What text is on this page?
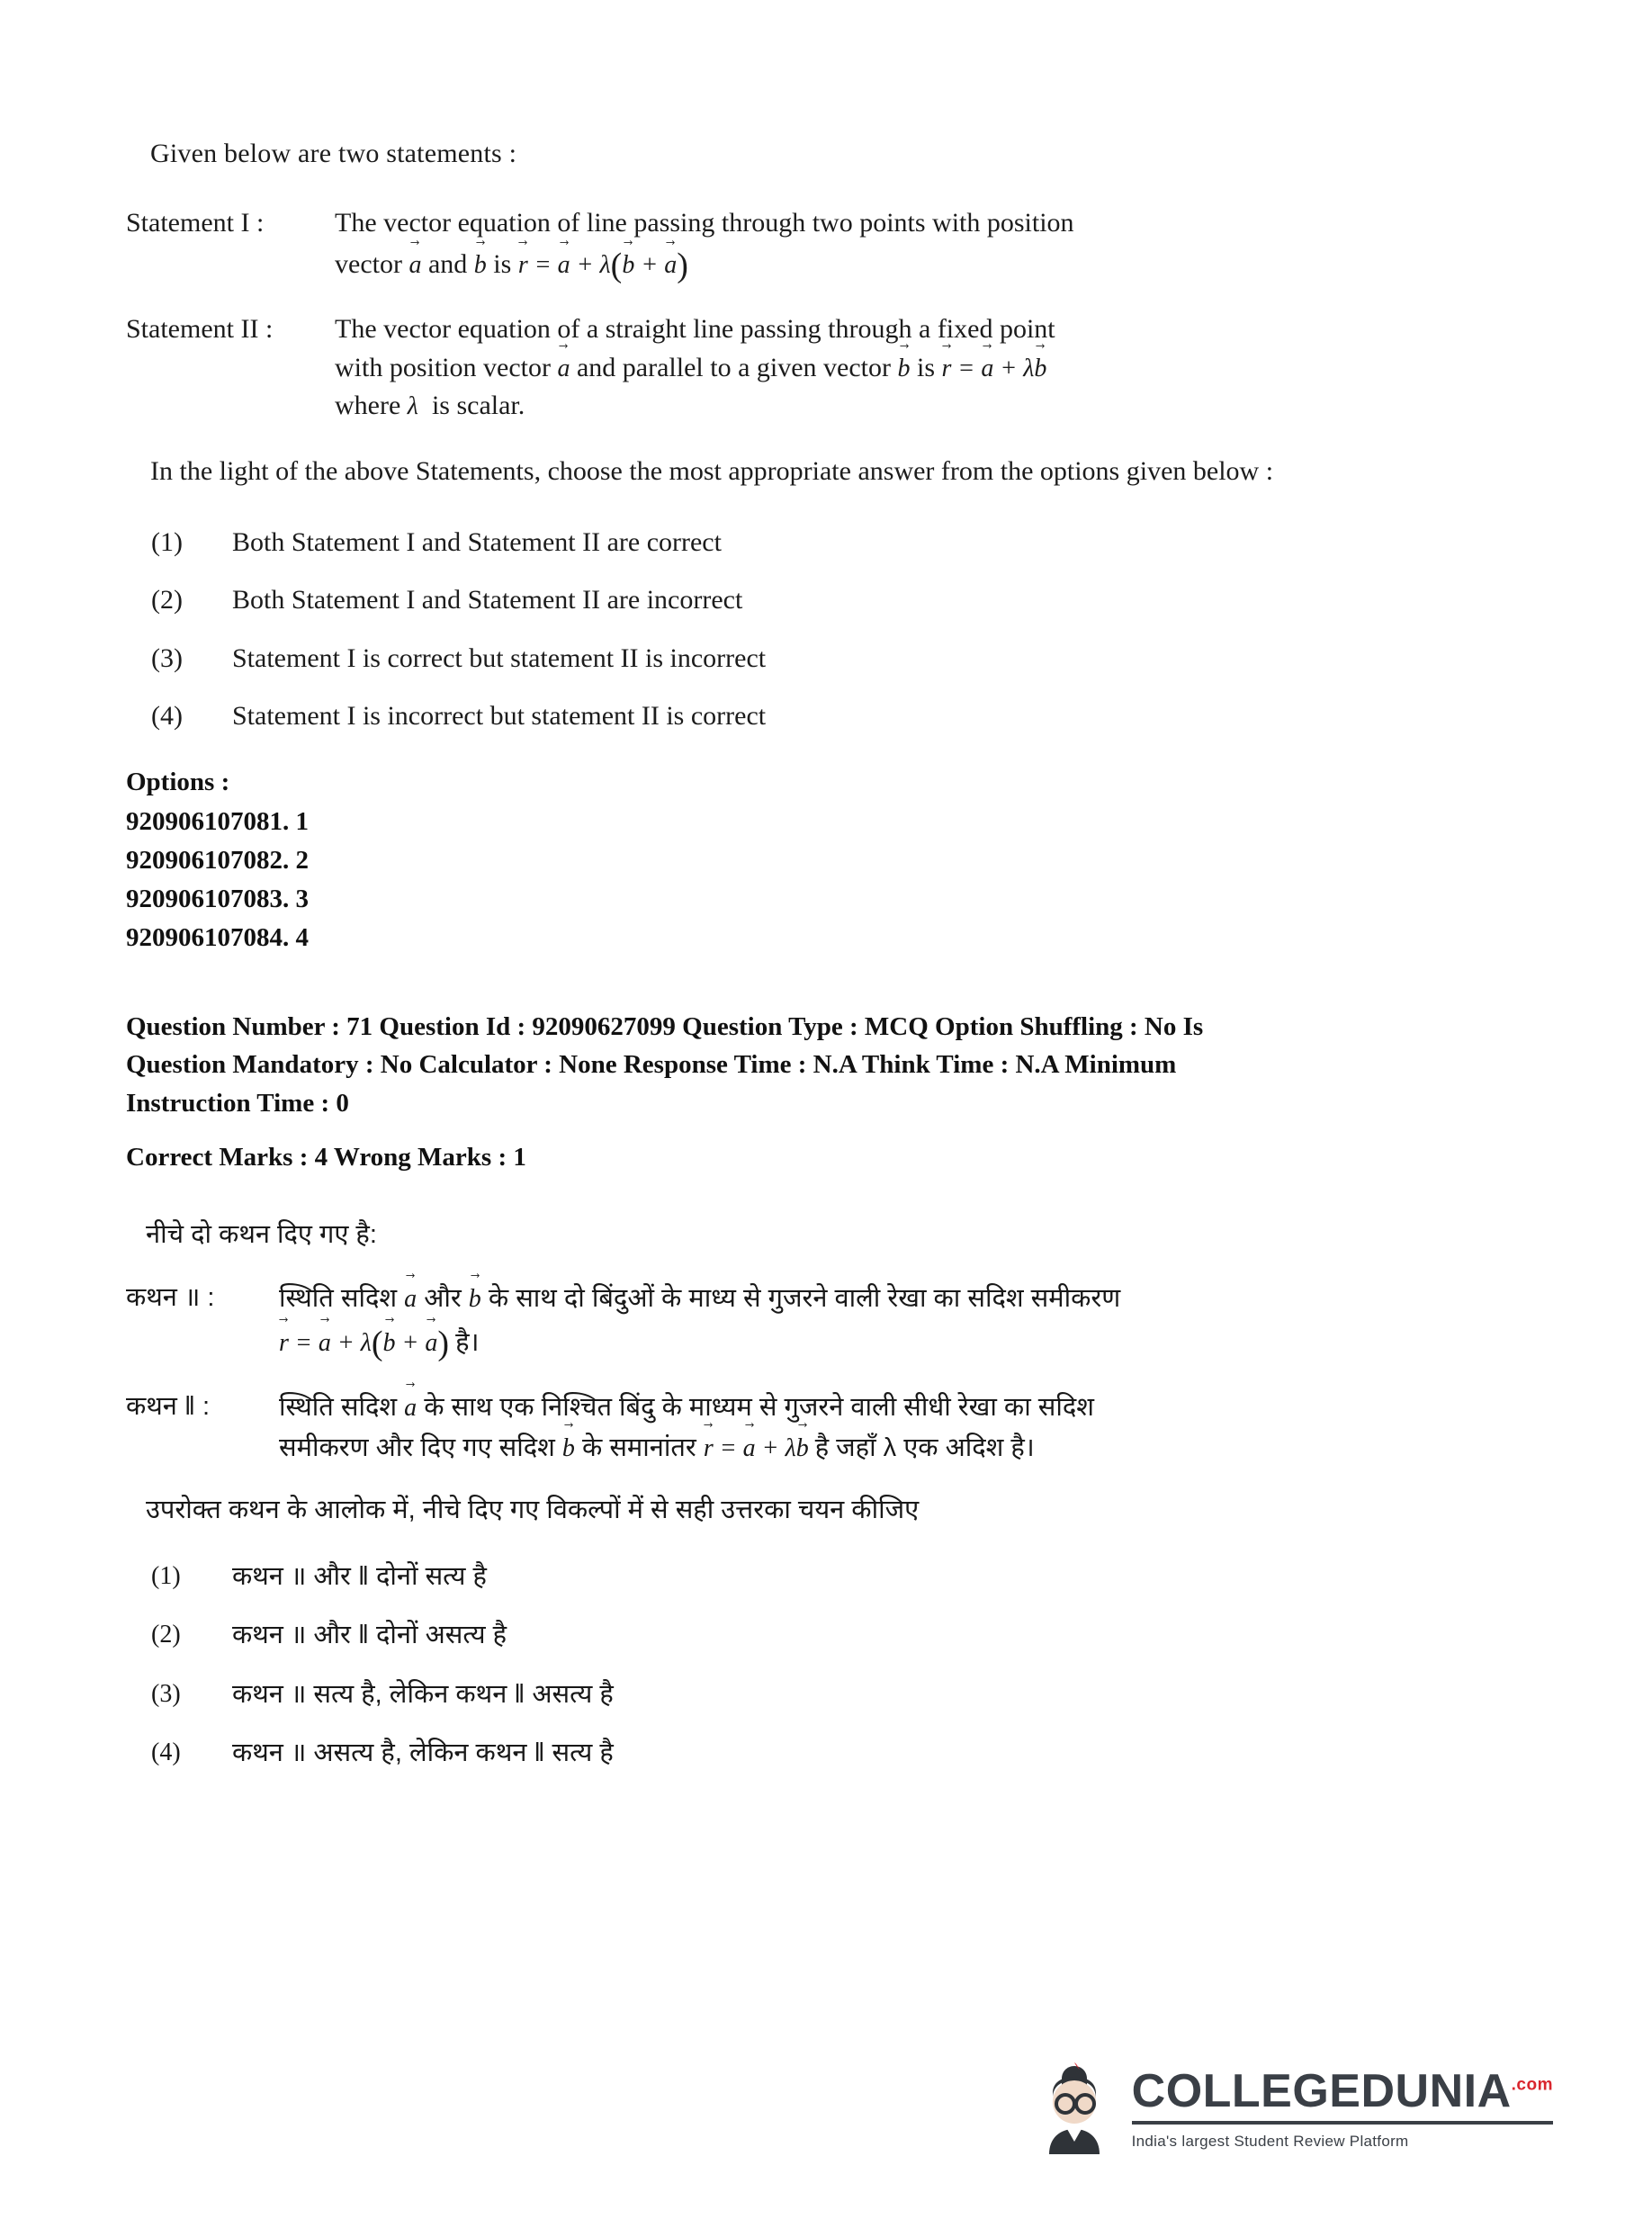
Given below are two statements :

Statement I :	The vector equation of line passing through two points with position
vector a → and b → is r → = a → + λ(b → + a →)
Statement II :	The vector equation of a straight line passing through a fixed point
with position vector a → and parallel to a given vector b → is r → = a → + λb →
where λ  is scalar.

In the light of the above Statements, choose the most appropriate answer from the options given below :

(1)	Both Statement I and Statement II are correct
(2)	Both Statement I and Statement II are incorrect
(3)	Statement I is correct but statement II is incorrect
(4)	Statement I is incorrect but statement II is correct

Options :

920906107081. 1

920906107082. 2

920906107083. 3

920906107084. 4

Question Number : 71 Question Id : 92090627099 Question Type : MCQ Option Shuffling : No Is

Question Mandatory : No Calculator : None Response Time : N.A Think Time : N.A Minimum

Instruction Time : 0

Correct Marks : 4 Wrong Marks : 1

नीचे दो कथन दिए गए है:

कथन ॥ :	स्थिति सदिश a → और b → के साथ दो बिंदुओं के माध्य से गुजरने वाली रेखा का सदिश समीकरण
r → = a → + λ(b → + a →) है।
कथन ‖ :	स्थिति सदिश a → के साथ एक निश्चित बिंदु के माध्यम से गुजरने वाली सीधी रेखा का सदिश
समीकरण और दिए गए सदिश b → के समानांतर r → = a → + λb → है जहाँ λ एक अदिश है।

उपरोक्त कथन के आलोक में, नीचे दिए गए विकल्पों में से सही उत्तरका चयन कीजिए

(1)	कथन ॥ और ‖ दोनों सत्य है
(2)	कथन ॥ और ‖ दोनों असत्य है
(3)	कथन ॥ सत्य है, लेकिन कथन ‖ असत्य है
(4)	कथन ॥ असत्य है, लेकिन कथन ‖ सत्य है
$COLLEGEDUNIA^{.com}$
India's largest Student Review Platform
